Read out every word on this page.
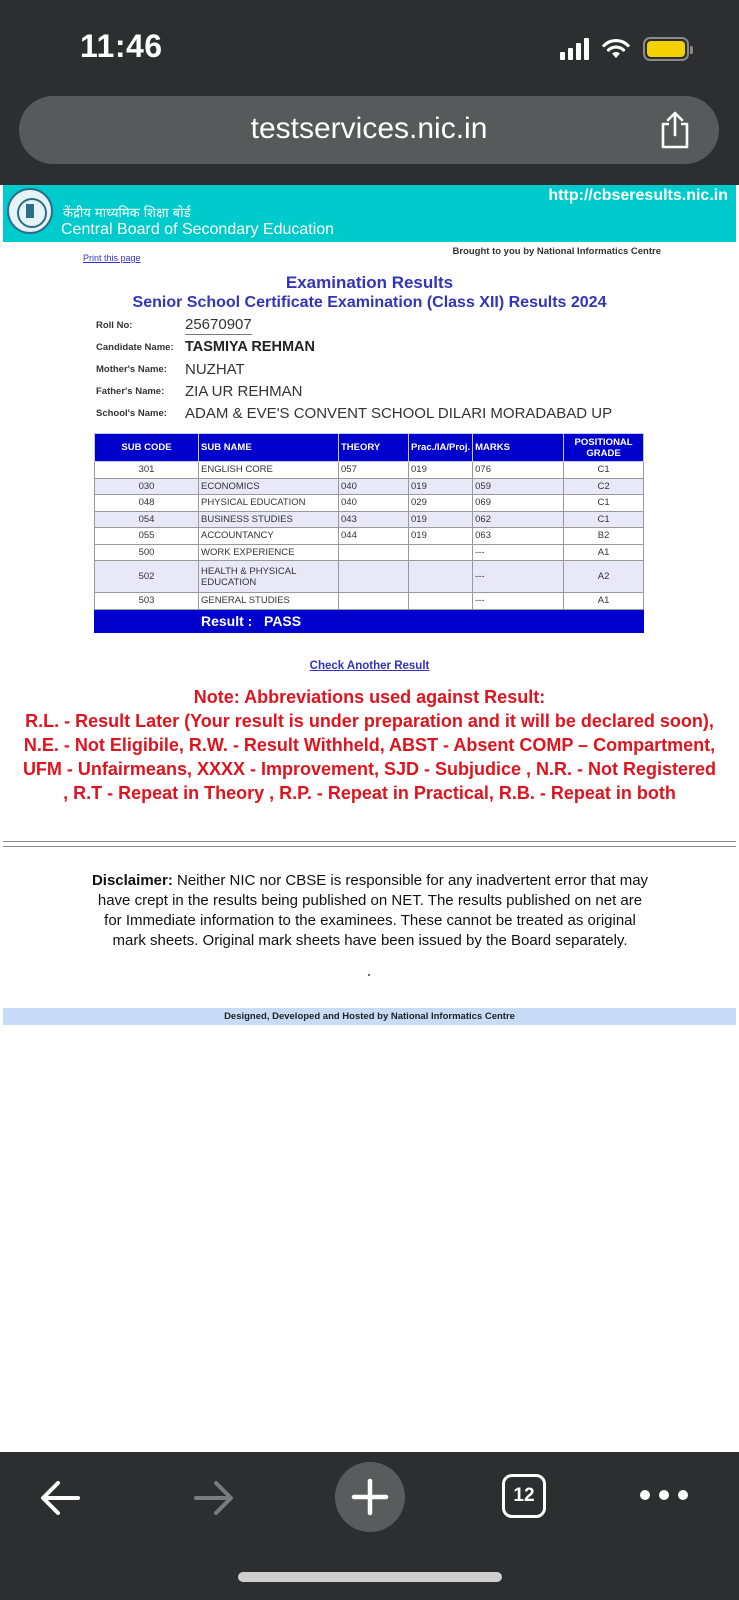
11:46
testservices.nic.in
केंद्रीय माध्यमिक शिक्षा बोर्ड
Central Board of Secondary Education
http://cbseresults.nic.in
Brought to you by National Informatics Centre
Print this page
Examination Results
Senior School Certificate Examination (Class XII) Results 2024
Roll No:	25670907
Candidate Name: TASMIYA REHMAN
Mother's Name:	NUZHAT
Father's Name:	ZIA UR REHMAN
School's Name:	ADAM & EVE'S CONVENT SCHOOL DILARI MORADABAD UP
SUB CODE	SUB NAME	THEORY	Prac./IA/Proj.	MARKS	POSITIONAL GRADE
301	ENGLISH CORE	057	019	076	C1
030	ECONOMICS	040	019	059	C2
048	PHYSICAL EDUCATION	040	029	069	C1
054	BUSINESS STUDIES	043	019	062	C1
055	ACCOUNTANCY	044	019	063	B2
500	WORK EXPERIENCE			---	A1
502	HEALTH & PHYSICAL EDUCATION			---	A2
503	GENERAL STUDIES			---	A1
	Result : PASS				
Check Another Result
Note: Abbreviations used against Result:
R.L. - Result Later (Your result is under preparation and it will be declared soon), N.E. - Not Eligibile, R.W. - Result Withheld, ABST - Absent COMP – Compartment, UFM - Unfairmeans, XXXX - Improvement, SJD - Subjudice , N.R. - Not Registered , R.T - Repeat in Theory , R.P. - Repeat in Practical, R.B. - Repeat in both
Disclaimer: Neither NIC nor CBSE is responsible for any inadvertent error that may have crept in the results being published on NET. The results published on net are for Immediate information to the examinees. These cannot be treated as original mark sheets. Original mark sheets have been issued by the Board separately.
Designed, Developed and Hosted by National Informatics Centre
12
